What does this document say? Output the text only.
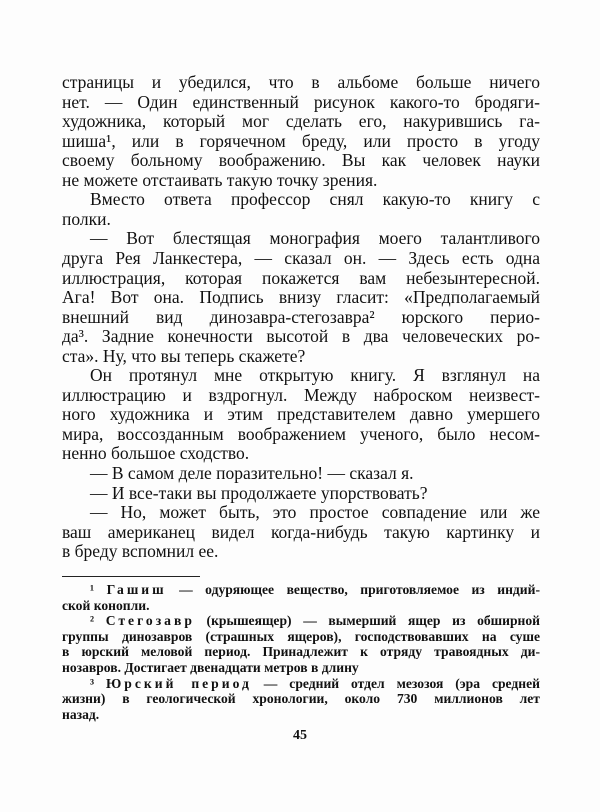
страницы и убедился, что в альбоме больше ничего
нет. — Один единственный рисунок какого-то бродяги-
художника, который мог сделать его, накурившись га-
шиша¹, или в горячечном бреду, или просто в угоду
своему больному воображению. Вы как человек науки
не можете отстаивать такую точку зрения.
Вместо ответа профессор снял какую-то книгу с
полки.
— Вот блестящая монография моего талантливого
друга Рея Ланкестера, — сказал он. — Здесь есть одна
иллюстрация, которая покажется вам небезынтересной.
Ага! Вот она. Подпись внизу гласит: «Предполагаемый
внешний вид динозавра-стегозавра² юрского перио-
да³. Задние конечности высотой в два человеческих ро-
ста». Ну, что вы теперь скажете?
Он протянул мне открытую книгу. Я взглянул на
иллюстрацию и вздрогнул. Между наброском неизвест-
ного художника и этим представителем давно умершего
мира, воссозданным воображением ученого, было несом-
ненно большое сходство.
— В самом деле поразительно! — сказал я.
— И все-таки вы продолжаете упорствовать?
— Но, может быть, это простое совпадение или же
ваш американец видел когда-нибудь такую картинку и
в бреду вспомнил ее.
¹ Гашиш — одуряющее вещество, приготовляемое из индий-
ской конопли.
² Стегозавр (крышеящер) — вымерший ящер из обширной
группы динозавров (страшных ящеров), господствовавших на суше
в юрский меловой период. Принадлежит к отряду травоядных ди-
нозавров. Достигает двенадцати метров в длину
³ Юрский период — средний отдел мезозоя (эра средней
жизни) в геологической хронологии, около 730 миллионов лет
назад.
45
